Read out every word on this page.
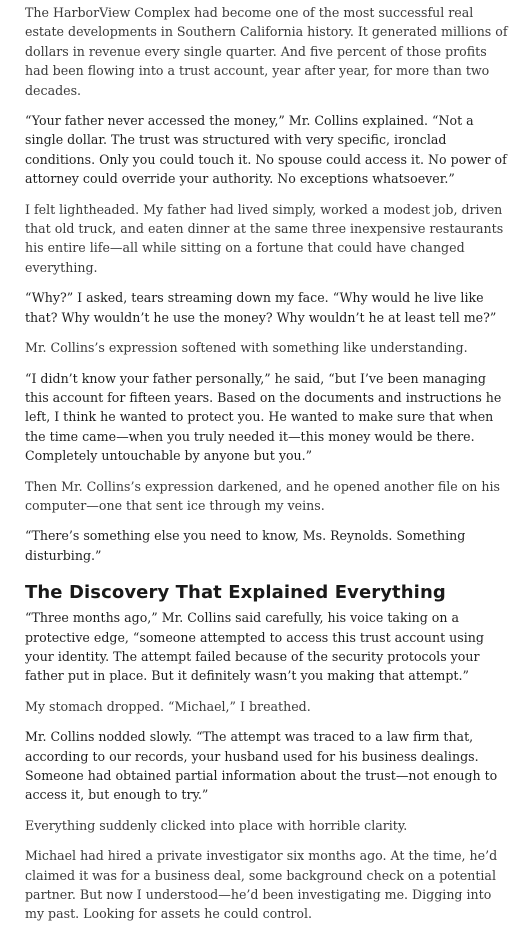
The HarborView Complex had become one of the most successful real estate developments in Southern California history. It generated millions of dollars in revenue every single quarter. And five percent of those profits had been flowing into a trust account, year after year, for more than two decades.

“Your father never accessed the money,” Mr. Collins explained. “Not a single dollar. The trust was structured with very specific, ironclad conditions. Only you could touch it. No spouse could access it. No power of attorney could override your authority. No exceptions whatsoever.”

I felt lightheaded. My father had lived simply, worked a modest job, driven that old truck, and eaten dinner at the same three inexpensive restaurants his entire life—all while sitting on a fortune that could have changed everything.

“Why?” I asked, tears streaming down my face. “Why would he live like that? Why wouldn’t he use the money? Why wouldn’t he at least tell me?”

Mr. Collins’s expression softened with something like understanding.

“I didn’t know your father personally,” he said, “but I’ve been managing this account for fifteen years. Based on the documents and instructions he left, I think he wanted to protect you. He wanted to make sure that when the time came—when you truly needed it—this money would be there. Completely untouchable by anyone but you.”

Then Mr. Collins’s expression darkened, and he opened another file on his computer—one that sent ice through my veins.

“There’s something else you need to know, Ms. Reynolds. Something disturbing.”

The Discovery That Explained Everything

“Three months ago,” Mr. Collins said carefully, his voice taking on a protective edge, “someone attempted to access this trust account using your identity. The attempt failed because of the security protocols your father put in place. But it definitely wasn’t you making that attempt.”

My stomach dropped. “Michael,” I breathed.

Mr. Collins nodded slowly. “The attempt was traced to a law firm that, according to our records, your husband used for his business dealings. Someone had obtained partial information about the trust—not enough to access it, but enough to try.”

Everything suddenly clicked into place with horrible clarity.

Michael had hired a private investigator six months ago. At the time, he’d claimed it was for a business deal, some background check on a potential partner. But now I understood—he’d been investigating me. Digging into my past. Looking for assets he could control.
